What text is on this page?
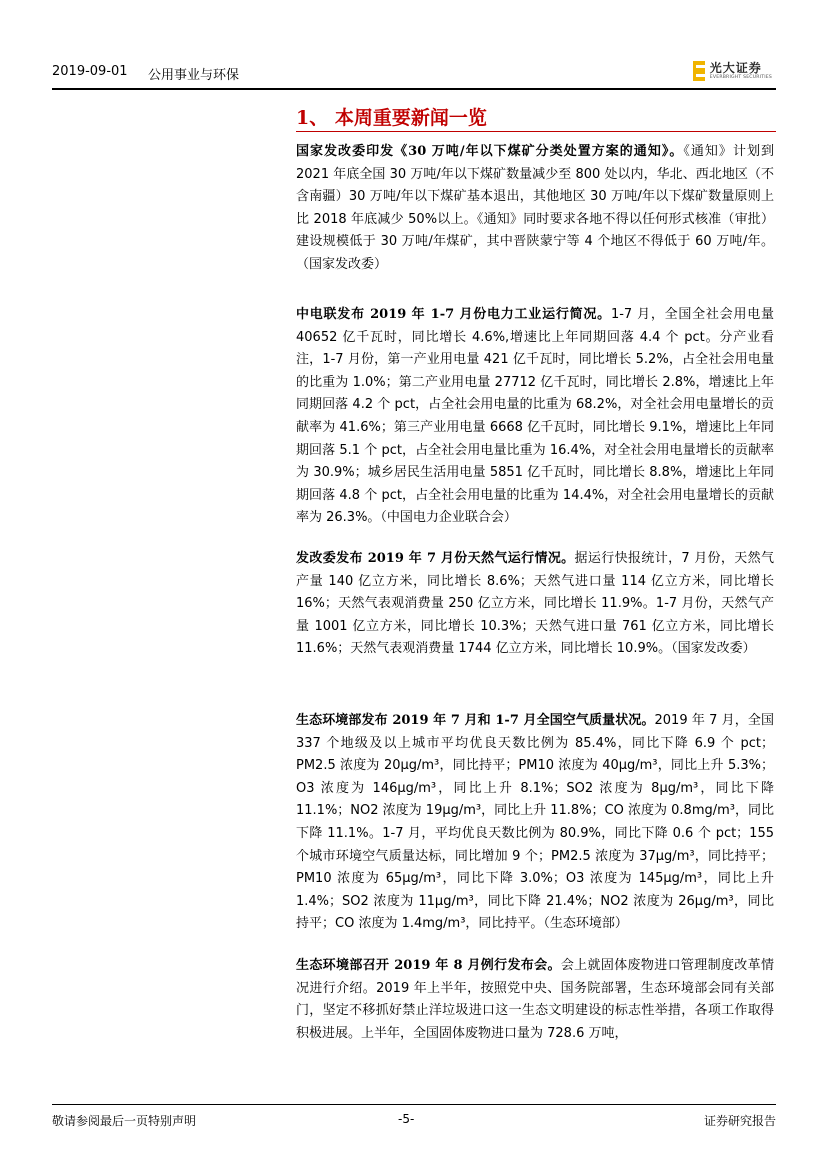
2019-09-01 公用事业与环保
光大证券
EVERBRIGHT SECURITIES
1、 本周重要新闻一览
国家发改委印发《30 万吨/年以下煤矿分类处置方案的通知》。《通知》计划到 2021 年底全国 30 万吨/年以下煤矿数量减少至 800 处以内，华北、西北地区（不含南疆）30 万吨/年以下煤矿基本退出，其他地区 30 万吨/年以下煤矿数量原则上比 2018 年底减少 50%以上。《通知》同时要求各地不得以任何形式核准（审批）建设规模低于 30 万吨/年煤矿，其中晋陕蒙宁等 4 个地区不得低于 60 万吨/年。（国家发改委）
中电联发布 2019 年 1-7 月份电力工业运行简况。1-7 月，全国全社会用电量 40652 亿千瓦时，同比增长 4.6%,增速比上年同期回落 4.4 个 pct。分产业看注，1-7 月份，第一产业用电量 421 亿千瓦时，同比增长 5.2%，占全社会用电量的比重为 1.0%；第二产业用电量 27712 亿千瓦时，同比增长 2.8%，增速比上年同期回落 4.2 个 pct，占全社会用电量的比重为 68.2%，对全社会用电量增长的贡献率为 41.6%；第三产业用电量 6668 亿千瓦时，同比增长 9.1%，增速比上年同期回落 5.1 个 pct，占全社会用电量比重为 16.4%，对全社会用电量增长的贡献率为 30.9%；城乡居民生活用电量 5851 亿千瓦时，同比增长 8.8%，增速比上年同期回落 4.8 个 pct，占全社会用电量的比重为 14.4%，对全社会用电量增长的贡献率为 26.3%。（中国电力企业联合会）
发改委发布 2019 年 7 月份天然气运行情况。据运行快报统计，7 月份，天然气产量 140 亿立方米，同比增长 8.6%；天然气进口量 114 亿立方米，同比增长 16%；天然气表观消费量 250 亿立方米，同比增长 11.9%。1-7 月份，天然气产量 1001 亿立方米，同比增长 10.3%；天然气进口量 761 亿立方米，同比增长 11.6%；天然气表观消费量 1744 亿立方米，同比增长 10.9%。（国家发改委）
生态环境部发布 2019 年 7 月和 1-7 月全国空气质量状况。2019 年 7 月，全国 337 个地级及以上城市平均优良天数比例为 85.4%，同比下降 6.9 个 pct；PM2.5 浓度为 20μg/m³，同比持平；PM10 浓度为 40μg/m³，同比上升 5.3%；O3 浓度为 146μg/m³，同比上升 8.1%；SO2 浓度为 8μg/m³，同比下降 11.1%；NO2 浓度为 19μg/m³，同比上升 11.8%；CO 浓度为 0.8mg/m³，同比下降 11.1%。1-7 月，平均优良天数比例为 80.9%，同比下降 0.6 个 pct；155 个城市环境空气质量达标，同比增加 9 个；PM2.5 浓度为 37μg/m³，同比持平；PM10 浓度为 65μg/m³，同比下降 3.0%；O3 浓度为 145μg/m³，同比上升 1.4%；SO2 浓度为 11μg/m³，同比下降 21.4%；NO2 浓度为 26μg/m³，同比持平；CO 浓度为 1.4mg/m³，同比持平。（生态环境部）
生态环境部召开 2019 年 8 月例行发布会。会上就固体废物进口管理制度改革情况进行介绍。2019 年上半年，按照党中央、国务院部署，生态环境部会同有关部门，坚定不移抓好禁止洋垃圾进口这一生态文明建设的标志性举措，各项工作取得积极进展。上半年，全国固体废物进口量为 728.6 万吨，
敬请参阅最后一页特别声明	-5-	证券研究报告
